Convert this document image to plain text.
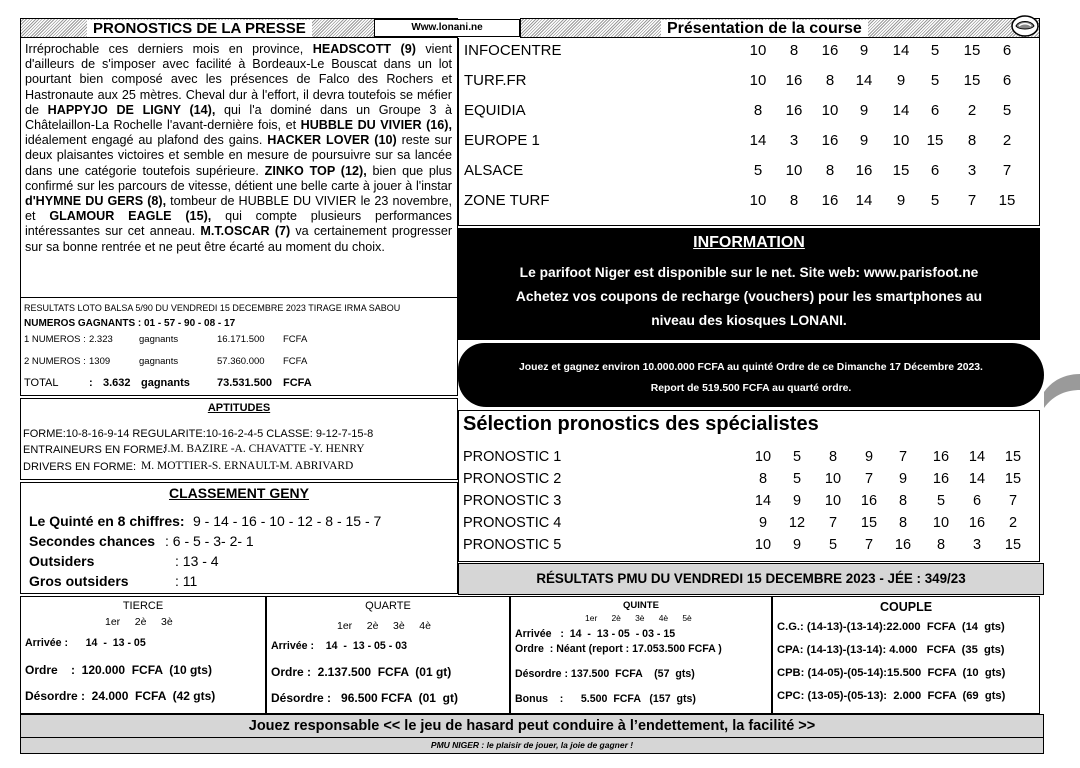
PRONOSTICS DE LA PRESSE	Www.lonani.ne	Présentation de la course
Irréprochable ces derniers mois en province, HEADSCOTT (9) vient d'ailleurs de s'imposer avec facilité à Bordeaux-Le Bouscat dans un lot pourtant bien composé avec les présences de Falco des Rochers et Hastronaute aux 25 mètres. Cheval dur à l'effort, il devra toutefois se méfier de HAPPYJO DE LIGNY (14), qui l'a dominé dans un Groupe 3 à Châtelaillon-La Rochelle l'avant-dernière fois, et HUBBLE DU VIVIER (16), idéalement engagé au plafond des gains. HACKER LOVER (10) reste sur deux plaisantes victoires et semble en mesure de poursuivre sur sa lancée dans une catégorie toutefois supérieure. ZINKO TOP (12), bien que plus confirmé sur les parcours de vitesse, détient une belle carte à jouer à l'instar d'HYMNE DU GERS (8), tombeur de HUBBLE DU VIVIER le 23 novembre, et GLAMOUR EAGLE (15), qui compte plusieurs performances intéressantes sur cet anneau. M.T.OSCAR (7) va certainement progresser sur sa bonne rentrée et ne peut être écarté au moment du choix.
INFOCENTRE	10	8	16	9	14	5	15	6
TURF.FR	10	16	8	14	9	5	15	6
EQUIDIA	8	16	10	9	14	6	2	5
EUROPE 1	14	3	16	9	10	15	8	2
ALSACE	5	10	8	16	15	6	3	7
ZONE TURF	10	8	16	14	9	5	7	15
RESULTATS LOTO BALSA 5/90 DU VENDREDI 15 DECEMBRE 2023 TIRAGE IRMA SABOU
NUMEROS GAGNANTS : 01 - 57 - 90 - 08 - 17
1 NUMEROS : 2.323	gagnants	16.171.500 FCFA
2 NUMEROS : 1309	gagnants	57.360.000 FCFA
TOTAL	: 3.632 gagnants 73.531.500 FCFA
INFORMATION
Le parifoot Niger est disponible sur le net. Site web: www.parisfoot.ne
Achetez vos coupons de recharge (vouchers) pour les smartphones au
niveau des kiosques LONANI.
Jouez et gagnez environ 10.000.000 FCFA au quinté Ordre de ce Dimanche 17 Décembre 2023.
Report de 519.500 FCFA au quarté ordre.
APTITUDES
FORME:10-8-16-9-14 REGULARITE:10-16-2-4-5 CLASSE: 9-12-7-15-8
ENTRAINEURS EN FORME:
J.M. BAZIRE -A. CHAVATTE -Y. HENRY
DRIVERS EN FORME: M. MOTTIER-S. ERNAULT-M. ABRIVARD
CLASSEMENT GENY
Le Quinté en 8 chiffres: 9 - 14 - 16 - 10 - 12 - 8 - 15 - 7
Secondes chances : 6 - 5 - 3- 2- 1
Outsiders	: 13 - 4
Gros outsiders	: 11
Sélection pronostics des spécialistes
PRONOSTIC 1	10	5	8	9	7	16	14	15
PRONOSTIC 2	8	5	10	7	9	16	14	15
PRONOSTIC 3	14	9	10	16	8	5	6	7
PRONOSTIC 4	9	12	7	15	8	10	16	2
PRONOSTIC 5	10	9	5	7	16	8	3	15
RÉSULTATS PMU DU VENDREDI 15 DECEMBRE 2023 - JÉE : 349/23
TIERCE
1er     2è     3è
Arrivée :      14  -  13 - 05
Ordre    :  120.000  FCFA  (10 gts)
Désordre :  24.000  FCFA  (42 gts)
QUARTE
1er     2è     3è     4è
Arrivée :    14  -  13 - 05 - 03
Ordre :  2.137.500  FCFA  (01 gt)
Désordre :   96.500 FCFA  (01  gt)
QUINTE
1er      2è      3è      4è      5è
Arrivée   :  14  -  13 - 05  - 03 - 15
Ordre  : Néant (report : 17.053.500 FCFA )
Désordre : 137.500  FCFA    (57  gts)
Bonus    :      5.500  FCFA   (157  gts)
COUPLE
C.G.: (14-13)-(13-14):22.000  FCFA  (14  gts)
CPA: (14-13)-(13-14): 4.000   FCFA  (35  gts)
CPB: (14-05)-(05-14):15.500  FCFA  (10  gts)
CPC: (13-05)-(05-13):  2.000  FCFA  (69  gts)
Jouez responsable << le jeu de hasard peut conduire à l’endettement, la facilité >>
PMU NIGER : le plaisir de jouer, la joie de gagner !
